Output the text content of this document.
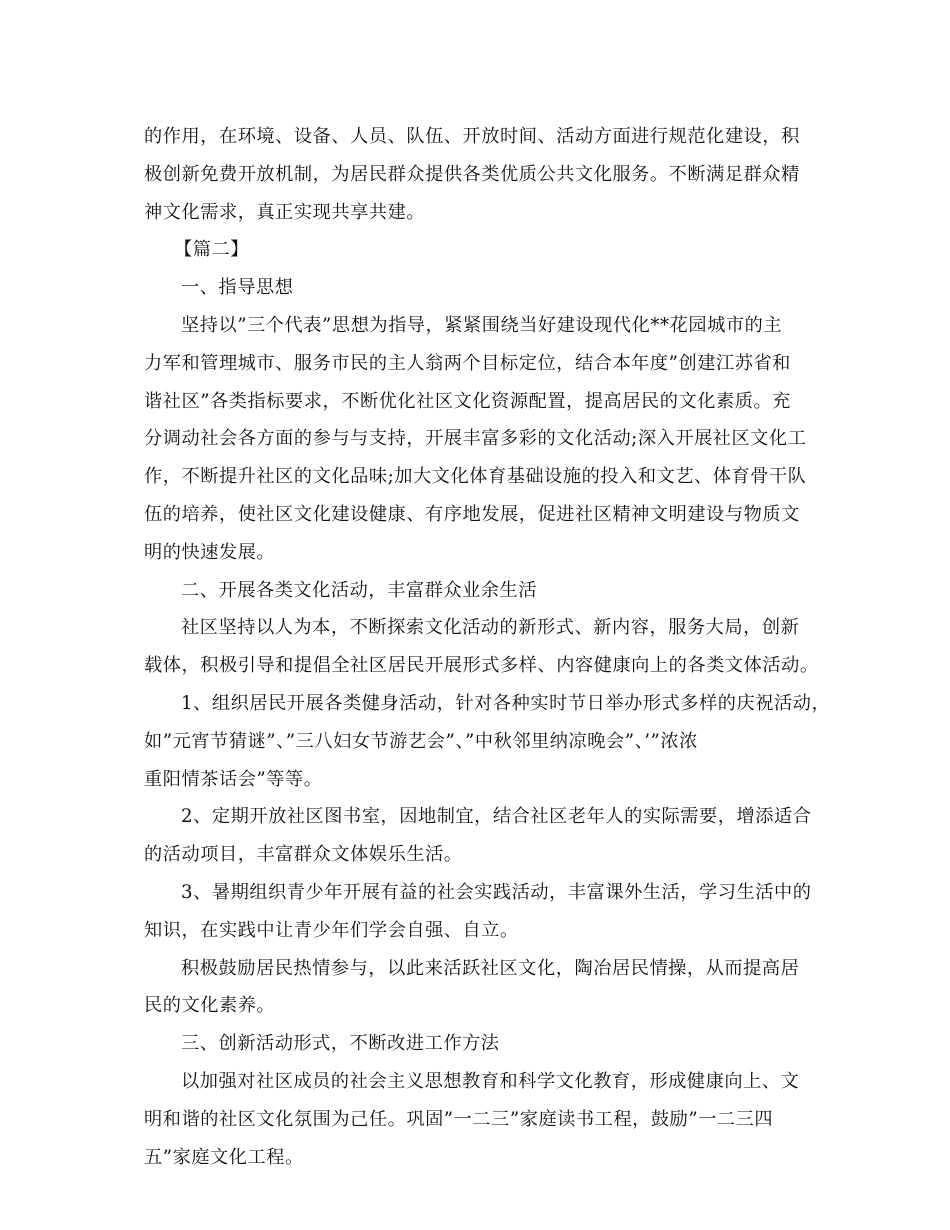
的作用，在环境、设备、人员、队伍、开放时间、活动方面进行规范化建设，积
极创新免费开放机制，为居民群众提供各类优质公共文化服务。不断满足群众精
神文化需求，真正实现共享共建。
【篇二】
一、指导思想
坚持以”三个代表”思想为指导，紧紧围绕当好建设现代化**花园城市的主
力军和管理城市、服务市民的主人翁两个目标定位，结合本年度”创建江苏省和
谐社区”各类指标要求，不断优化社区文化资源配置，提高居民的文化素质。充
分调动社会各方面的参与与支持，开展丰富多彩的文化活动;深入开展社区文化工
作，不断提升社区的文化品味;加大文化体育基础设施的投入和文艺、体育骨干队
伍的培养，使社区文化建设健康、有序地发展，促进社区精神文明建设与物质文
明的快速发展。
二、开展各类文化活动，丰富群众业余生活
社区坚持以人为本，不断探索文化活动的新形式、新内容，服务大局，创新
载体，积极引导和提倡全社区居民开展形式多样、内容健康向上的各类文体活动。
1、组织居民开展各类健身活动，针对各种实时节日举办形式多样的庆祝活动，
如”元宵节猜谜”、”三八妇女节游艺会”、”中秋邻里纳凉晚会”、’”浓浓
重阳情茶话会”等等。
2、定期开放社区图书室，因地制宜，结合社区老年人的实际需要，增添适合
的活动项目，丰富群众文体娱乐生活。
3、暑期组织青少年开展有益的社会实践活动，丰富课外生活，学习生活中的
知识，在实践中让青少年们学会自强、自立。
积极鼓励居民热情参与，以此来活跃社区文化，陶冶居民情操，从而提高居
民的文化素养。
三、创新活动形式，不断改进工作方法
以加强对社区成员的社会主义思想教育和科学文化教育，形成健康向上、文
明和谐的社区文化氛围为己任。巩固”一二三”家庭读书工程，鼓励”一二三四
五”家庭文化工程。
